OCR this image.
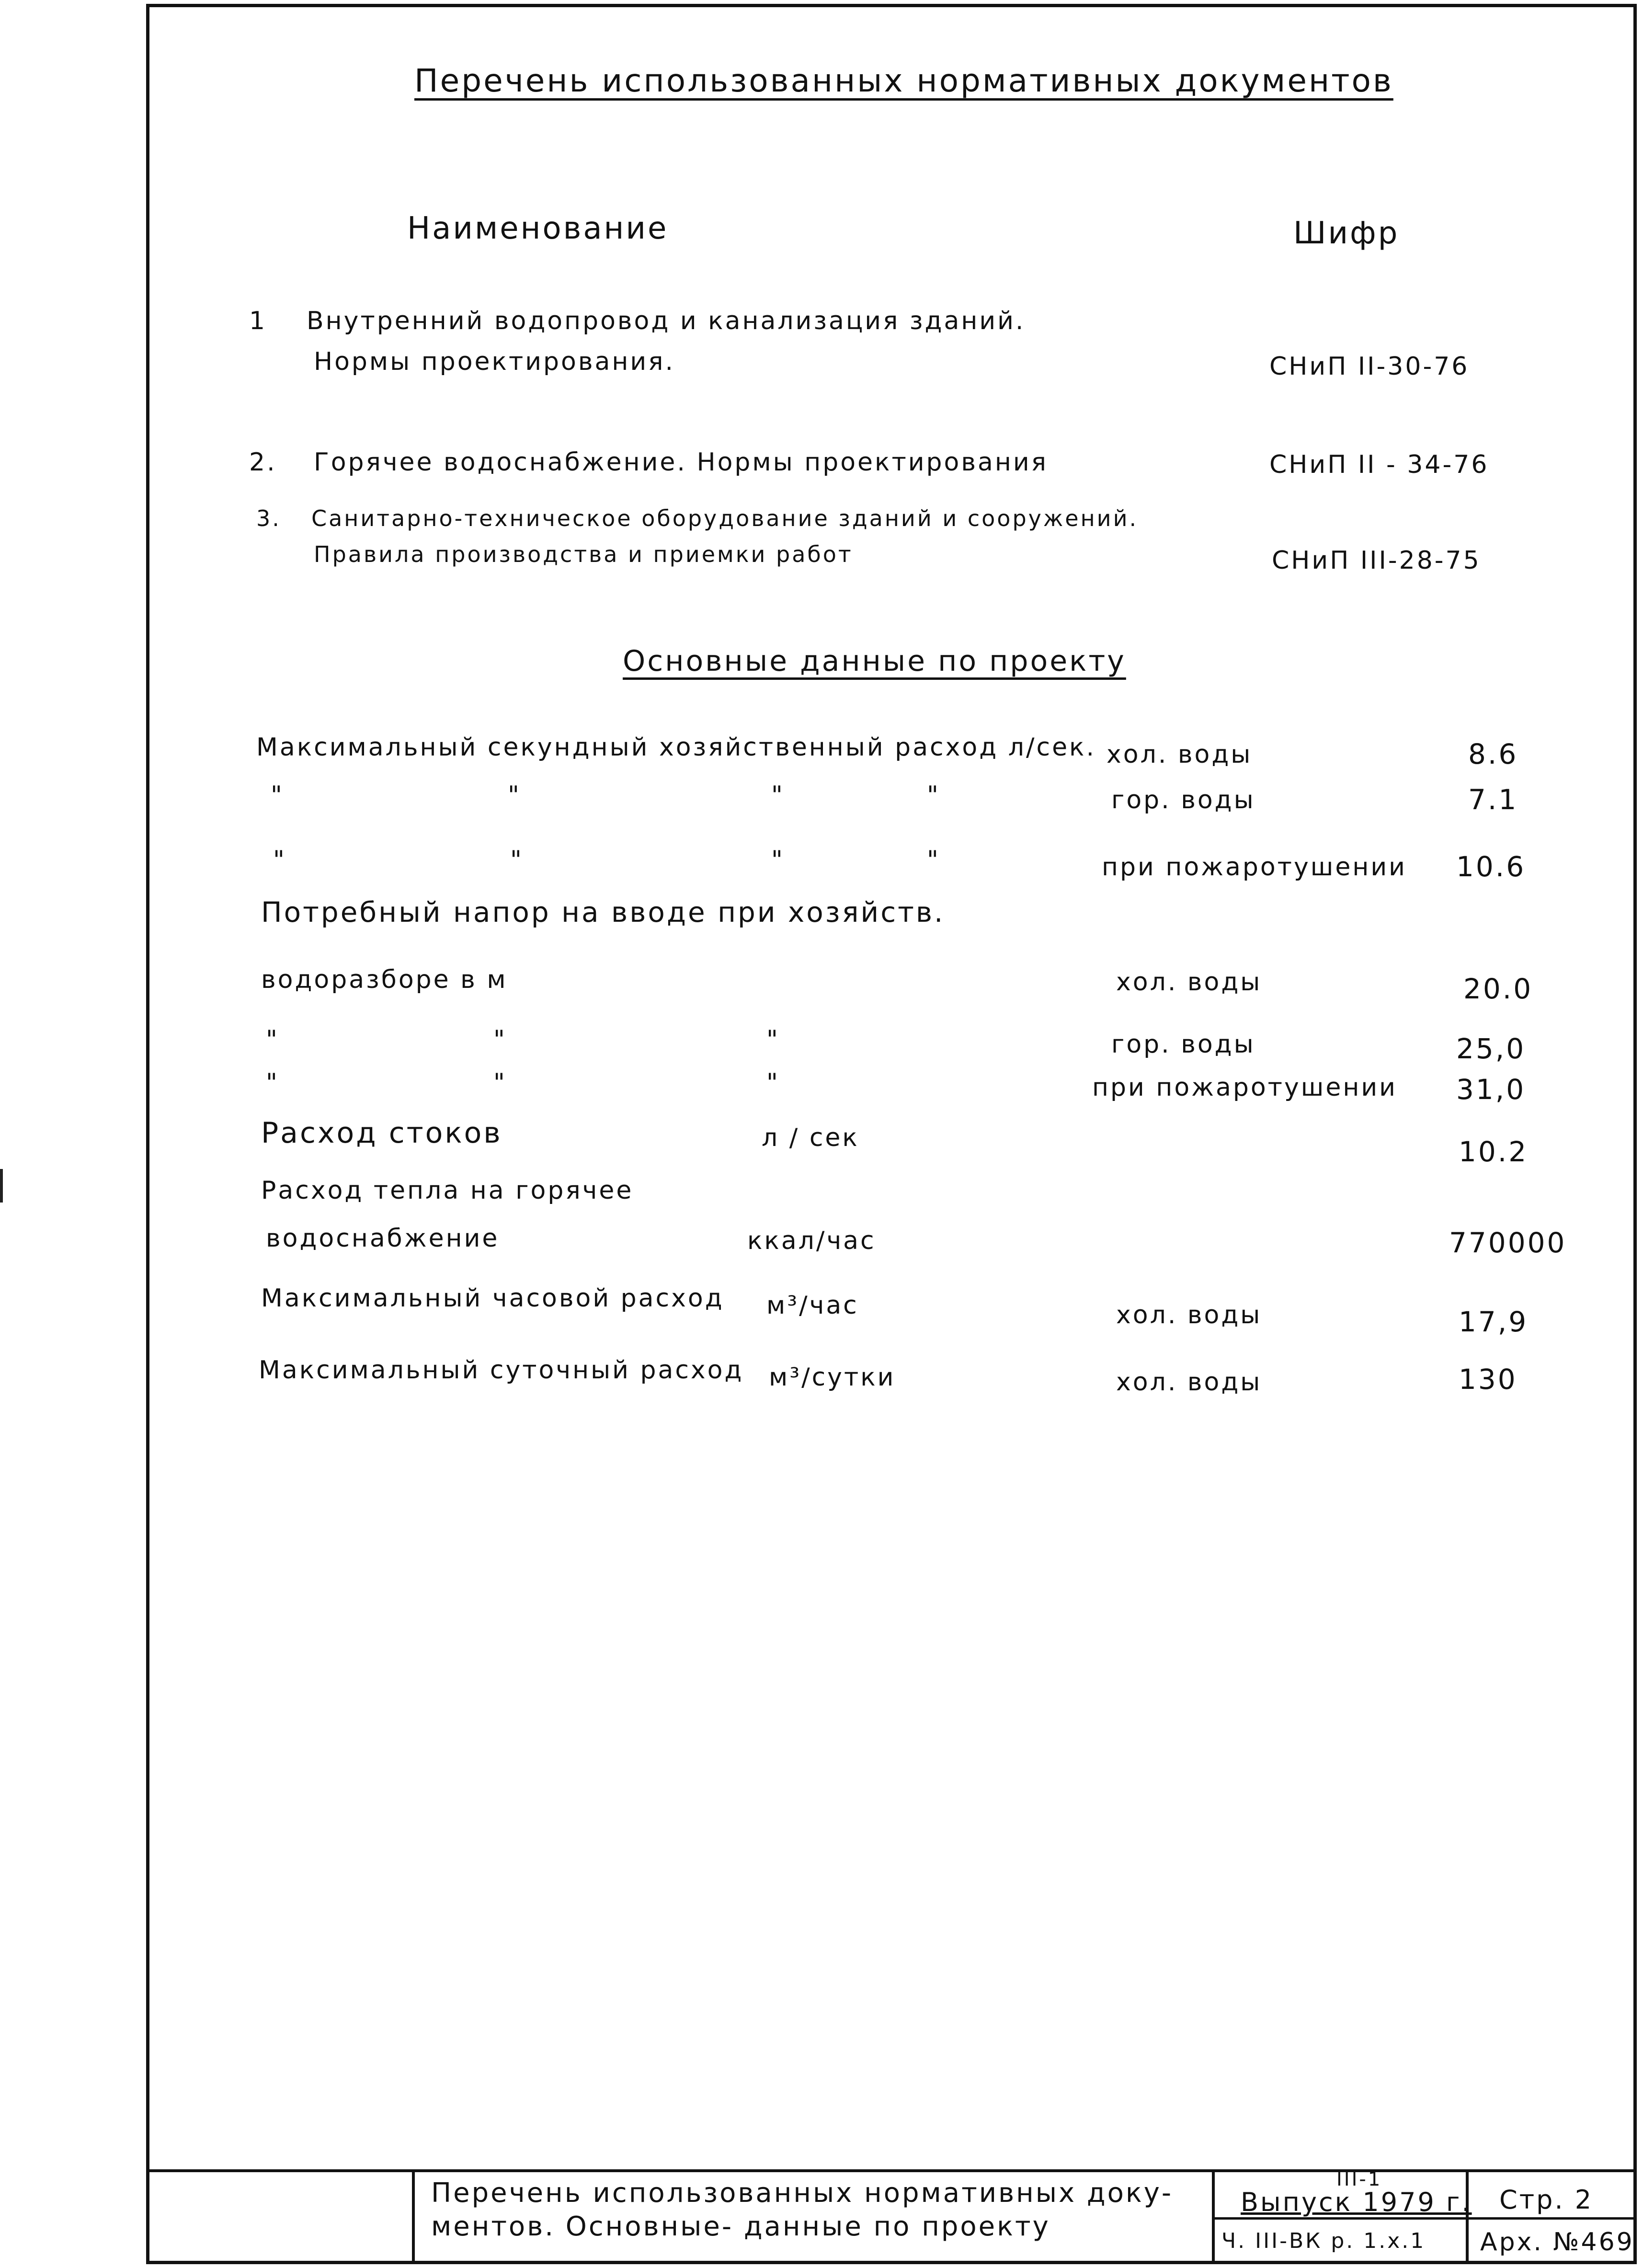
Перечень использованных нормативных документов
Наименование	Шифр
1 Внутренний водопровод и канализация зданий.
Нормы проектирования.	СНиП II-30-76
2. Горячее водоснабжение. Нормы проектирования	СНиП II - 34-76
3. Санитарно-техническое оборудование зданий и сооружений.
Правила производства и приемки работ	СНиП III-28-75
Основные данные по проекту
Максимальный секундный хозяйственный расход л/сек. хол. воды	8.6
"	"	"	"	гор. воды	7.1
"	"	"	"	при пожаротушении 10.6
Потребный напор на вводе при хозяйств.
водоразборе в м	хол. воды	20.0
"	"	"	гор. воды	25,0
"	"	"	при пожаротушении 31,0
Расход стоков	л / сек	10.2
Расход тепла на горячее
водоснабжение	ккал/час	770000
Максимальный часовой расход м³/час	хол. воды	17,9
Максимальный суточный расход м³/сутки	хол. воды	130
Перечень использованных нормативных доку-
ментов. Основные- данные по проекту
III-1
Выпуск 1979 г. Стр. 2
Ч. III-ВК р. 1.х.1 Арх. №469
